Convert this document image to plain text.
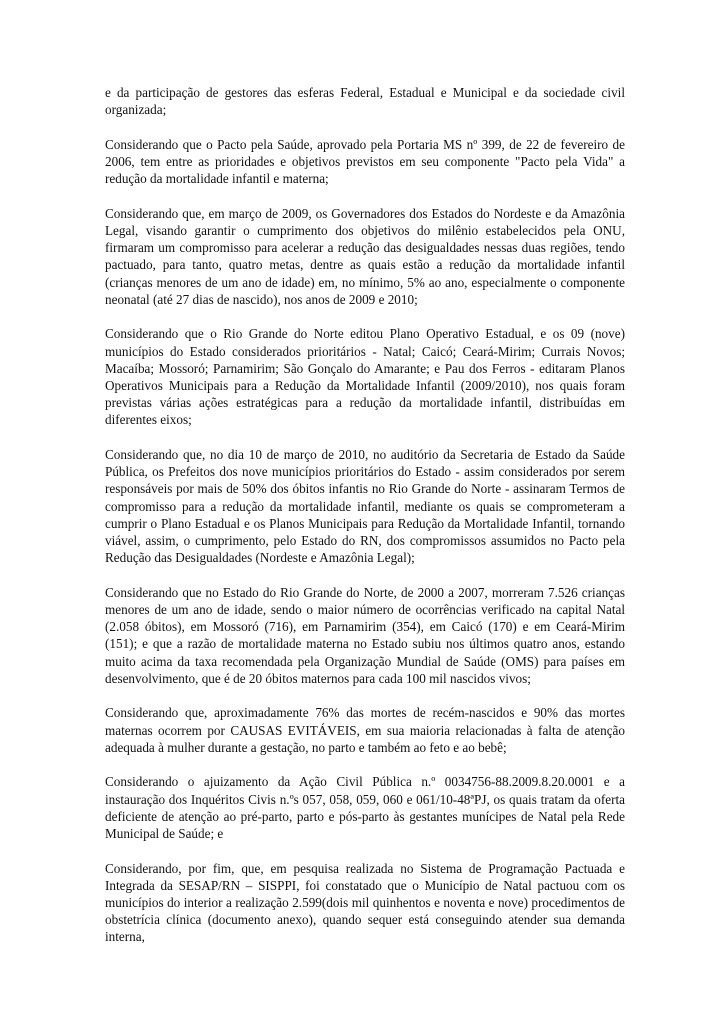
e da participação de gestores das esferas Federal, Estadual e Municipal e da sociedade civil organizada;

Considerando que o Pacto pela Saúde, aprovado pela Portaria MS nº 399, de 22 de fevereiro de 2006, tem entre as prioridades e objetivos previstos em seu componente "Pacto pela Vida" a redução da mortalidade infantil e materna;

Considerando que, em março de 2009, os Governadores dos Estados do Nordeste e da Amazônia Legal, visando garantir o cumprimento dos objetivos do milênio estabelecidos pela ONU, firmaram um compromisso para acelerar a redução das desigualdades nessas duas regiões, tendo pactuado, para tanto, quatro metas, dentre as quais estão a redução da mortalidade infantil (crianças menores de um ano de idade) em, no mínimo, 5% ao ano, especialmente o componente neonatal (até 27 dias de nascido), nos anos de 2009 e 2010;

Considerando que o Rio Grande do Norte editou Plano Operativo Estadual, e os 09 (nove) municípios do Estado considerados prioritários - Natal; Caicó; Ceará-Mirim; Currais Novos; Macaíba; Mossoró; Parnamirim; São Gonçalo do Amarante; e Pau dos Ferros - editaram Planos Operativos Municipais para a Redução da Mortalidade Infantil (2009/2010), nos quais foram previstas várias ações estratégicas para a redução da mortalidade infantil, distribuídas em diferentes eixos;

Considerando que, no dia 10 de março de 2010, no auditório da Secretaria de Estado da Saúde Pública, os Prefeitos dos nove municípios prioritários do Estado - assim considerados por serem responsáveis por mais de 50% dos óbitos infantis no Rio Grande do Norte - assinaram Termos de compromisso para a redução da mortalidade infantil, mediante os quais se comprometeram a cumprir o Plano Estadual e os Planos Municipais para Redução da Mortalidade Infantil, tornando viável, assim, o cumprimento, pelo Estado do RN, dos compromissos assumidos no Pacto pela Redução das Desigualdades (Nordeste e Amazônia Legal);

Considerando que no Estado do Rio Grande do Norte, de 2000 a 2007, morreram 7.526 crianças menores de um ano de idade, sendo o maior número de ocorrências verificado na capital Natal (2.058 óbitos), em Mossoró (716), em Parnamirim (354), em Caicó (170) e em Ceará-Mirim (151); e que a razão de mortalidade materna no Estado subiu nos últimos quatro anos, estando muito acima da taxa recomendada pela Organização Mundial de Saúde (OMS) para países em desenvolvimento, que é de 20 óbitos maternos para cada 100 mil nascidos vivos;

Considerando que, aproximadamente 76% das mortes de recém-nascidos e 90% das mortes maternas ocorrem por CAUSAS EVITÁVEIS, em sua maioria relacionadas à falta de atenção adequada à mulher durante a gestação, no parto e também ao feto e ao bebê;

Considerando o ajuizamento da Ação Civil Pública n.º 0034756-88.2009.8.20.0001 e a instauração dos Inquéritos Civis n.ºs 057, 058, 059, 060 e 061/10-48ªPJ, os quais tratam da oferta deficiente de atenção ao pré-parto, parto e pós-parto às gestantes munícipes de Natal pela Rede Municipal de Saúde; e

Considerando, por fim, que, em pesquisa realizada no Sistema de Programação Pactuada e Integrada da SESAP/RN – SISPPI, foi constatado que o Município de Natal pactuou com os municípios do interior a realização 2.599(dois mil quinhentos e noventa e nove) procedimentos de obstetrícia clínica (documento anexo), quando sequer está conseguindo atender sua demanda interna,
